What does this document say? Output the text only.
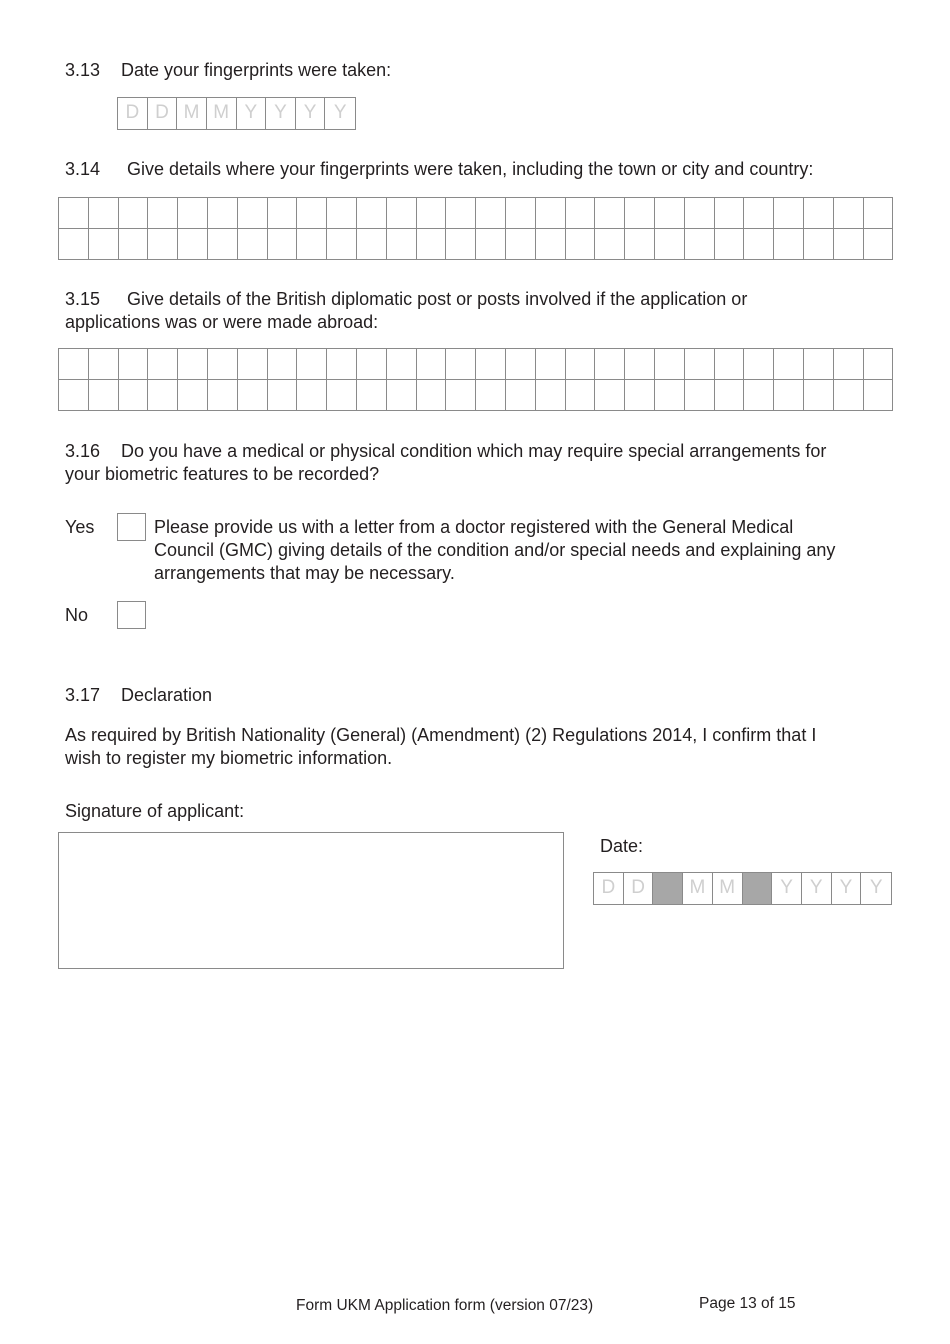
3.13 Date your fingerprints were taken:
D D M M Y Y Y Y
3.14 Give details where your fingerprints were taken, including the town or city and country:

3.15 Give details of the British diplomatic post or posts involved if the application or
applications was or were made abroad:

3.16 Do you have a medical or physical condition which may require special arrangements for
your biometric features to be recorded?
Yes	Please provide us with a letter from a doctor registered with the General Medical
Council (GMC) giving details of the condition and/or special needs and explaining any
arrangements that may be necessary.
No
3.17 Declaration
As required by British Nationality (General) (Amendment) (2) Regulations 2014, I confirm that I
wish to register my biometric information.
Signature of applicant:
Date:
D D	M M	Y Y Y Y
Form UKM Application form (version 07/23)	Page 13 of 15
